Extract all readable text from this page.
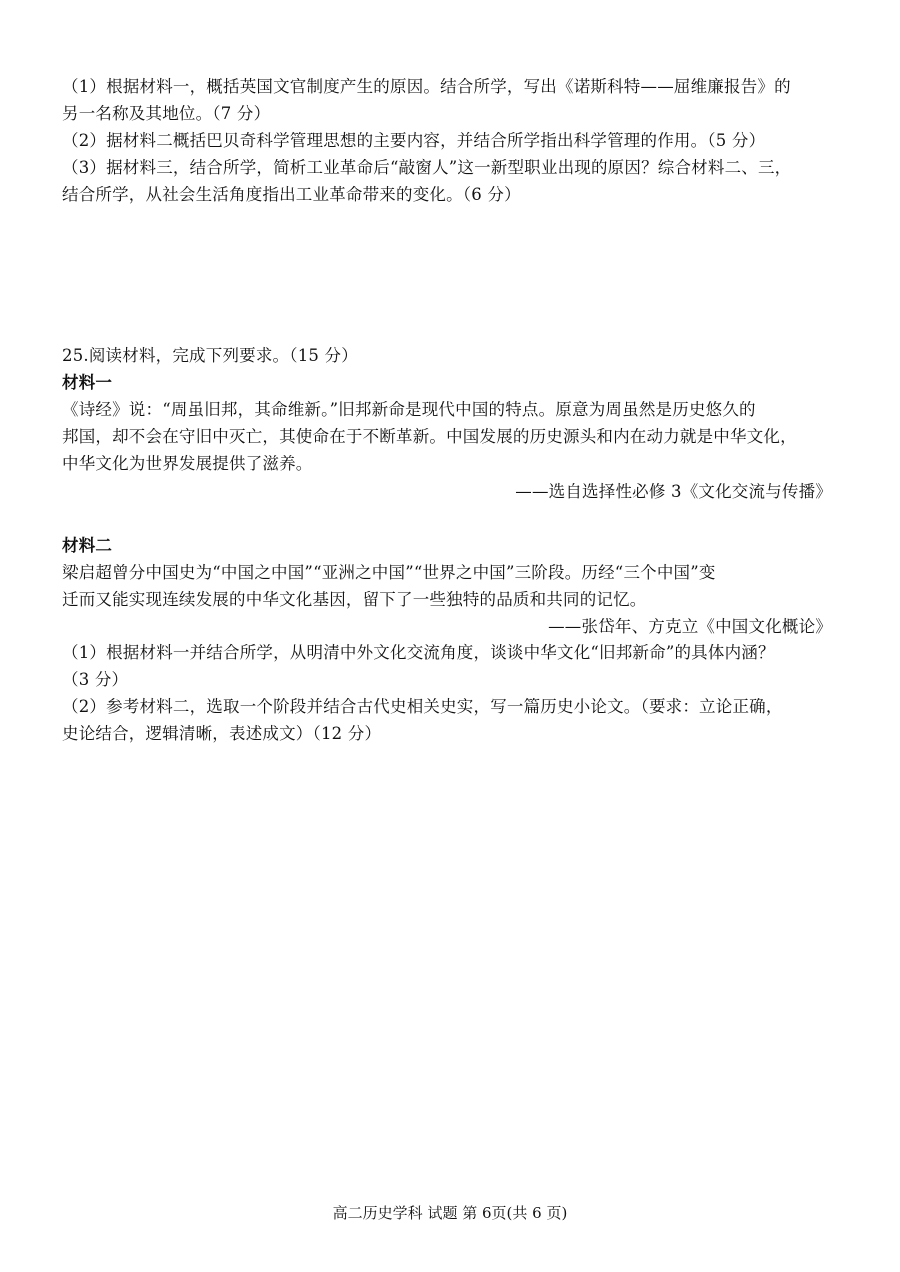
（1）根据材料一，概括英国文官制度产生的原因。结合所学，写出《诺斯科特——屈维廉报告》的
另一名称及其地位。（7 分）
（2）据材料二概括巴贝奇科学管理思想的主要内容，并结合所学指出科学管理的作用。（5 分）
（3）据材料三，结合所学，简析工业革命后“敲窗人”这一新型职业出现的原因？综合材料二、三，
结合所学，从社会生活角度指出工业革命带来的变化。（6 分）
25.阅读材料，完成下列要求。（15 分）
材料一
《诗经》说：“周虽旧邦，其命维新。”旧邦新命是现代中国的特点。原意为周虽然是历史悠久的
邦国，却不会在守旧中灭亡，其使命在于不断革新。中国发展的历史源头和内在动力就是中华文化，
中华文化为世界发展提供了滋养。
——选自选择性必修 3《文化交流与传播》
材料二
梁启超曾分中国史为“中国之中国”“亚洲之中国”“世界之中国”三阶段。历经“三个中国”变
迁而又能实现连续发展的中华文化基因，留下了一些独特的品质和共同的记忆。
——张岱年、方克立《中国文化概论》
（1）根据材料一并结合所学，从明清中外文化交流角度，谈谈中华文化“旧邦新命”的具体内涵？
（3 分）
（2）参考材料二，选取一个阶段并结合古代史相关史实，写一篇历史小论文。（要求：立论正确，
史论结合，逻辑清晰，表述成文）（12 分）
高二历史学科 试题 第 6页(共 6 页)
